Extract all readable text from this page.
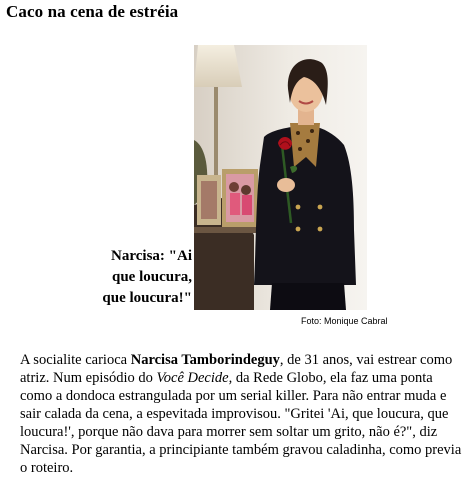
Caco na cena de estréia
Narcisa: "Ai
que loucura,
que loucura!"
Foto: Monique Cabral
A socialite carioca Narcisa Tamborindeguy, de 31 anos, vai estrear como atriz. Num episódio do Você Decide, da Rede Globo, ela faz uma ponta como a dondoca estrangulada por um serial killer. Para não entrar muda e sair calada da cena, a espevitada improvisou. "Gritei 'Ai, que loucura, que loucura!', porque não dava para morrer sem soltar um grito, não é?", diz Narcisa. Por garantia, a principiante também gravou caladinha, como previa o roteiro.
